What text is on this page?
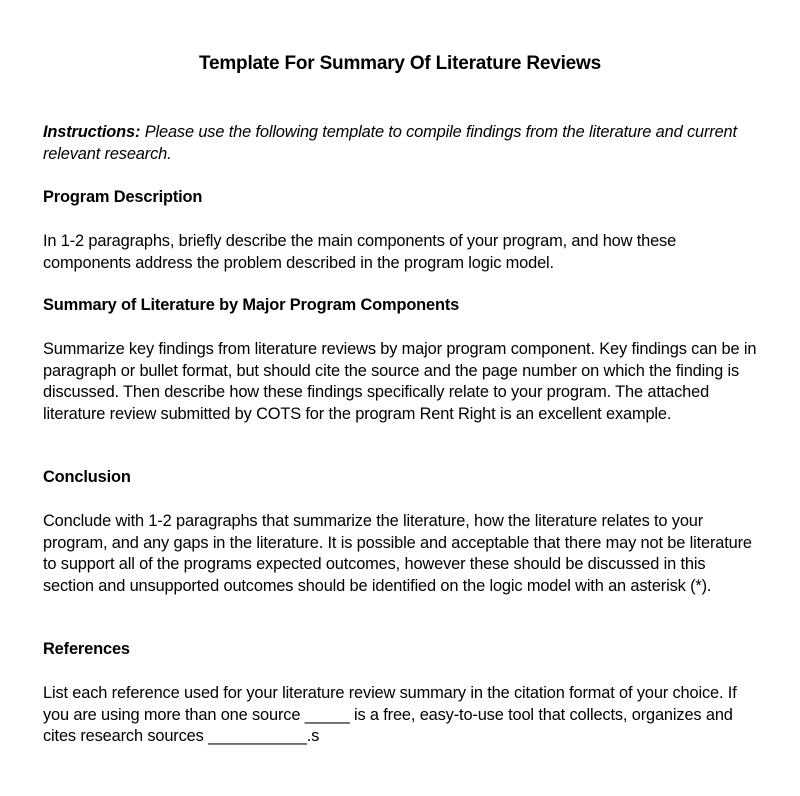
Template For Summary Of Literature Reviews
Instructions: Please use the following template to compile findings from the literature and current relevant research.
Program Description
In 1-2 paragraphs, briefly describe the main components of your program, and how these components address the problem described in the program logic model.
Summary of Literature by Major Program Components
Summarize key findings from literature reviews by major program component. Key findings can be in paragraph or bullet format, but should cite the source and the page number on which the finding is discussed. Then describe how these findings specifically relate to your program. The attached literature review submitted by COTS for the program Rent Right is an excellent example.
Conclusion
Conclude with 1-2 paragraphs that summarize the literature, how the literature relates to your program, and any gaps in the literature. It is possible and acceptable that there may not be literature to support all of the programs expected outcomes, however these should be discussed in this section and unsupported outcomes should be identified on the logic model with an asterisk (*).
References
List each reference used for your literature review summary in the citation format of your choice. If you are using more than one source _____ is a free, easy-to-use tool that collects, organizes and cites research sources ___________.s
